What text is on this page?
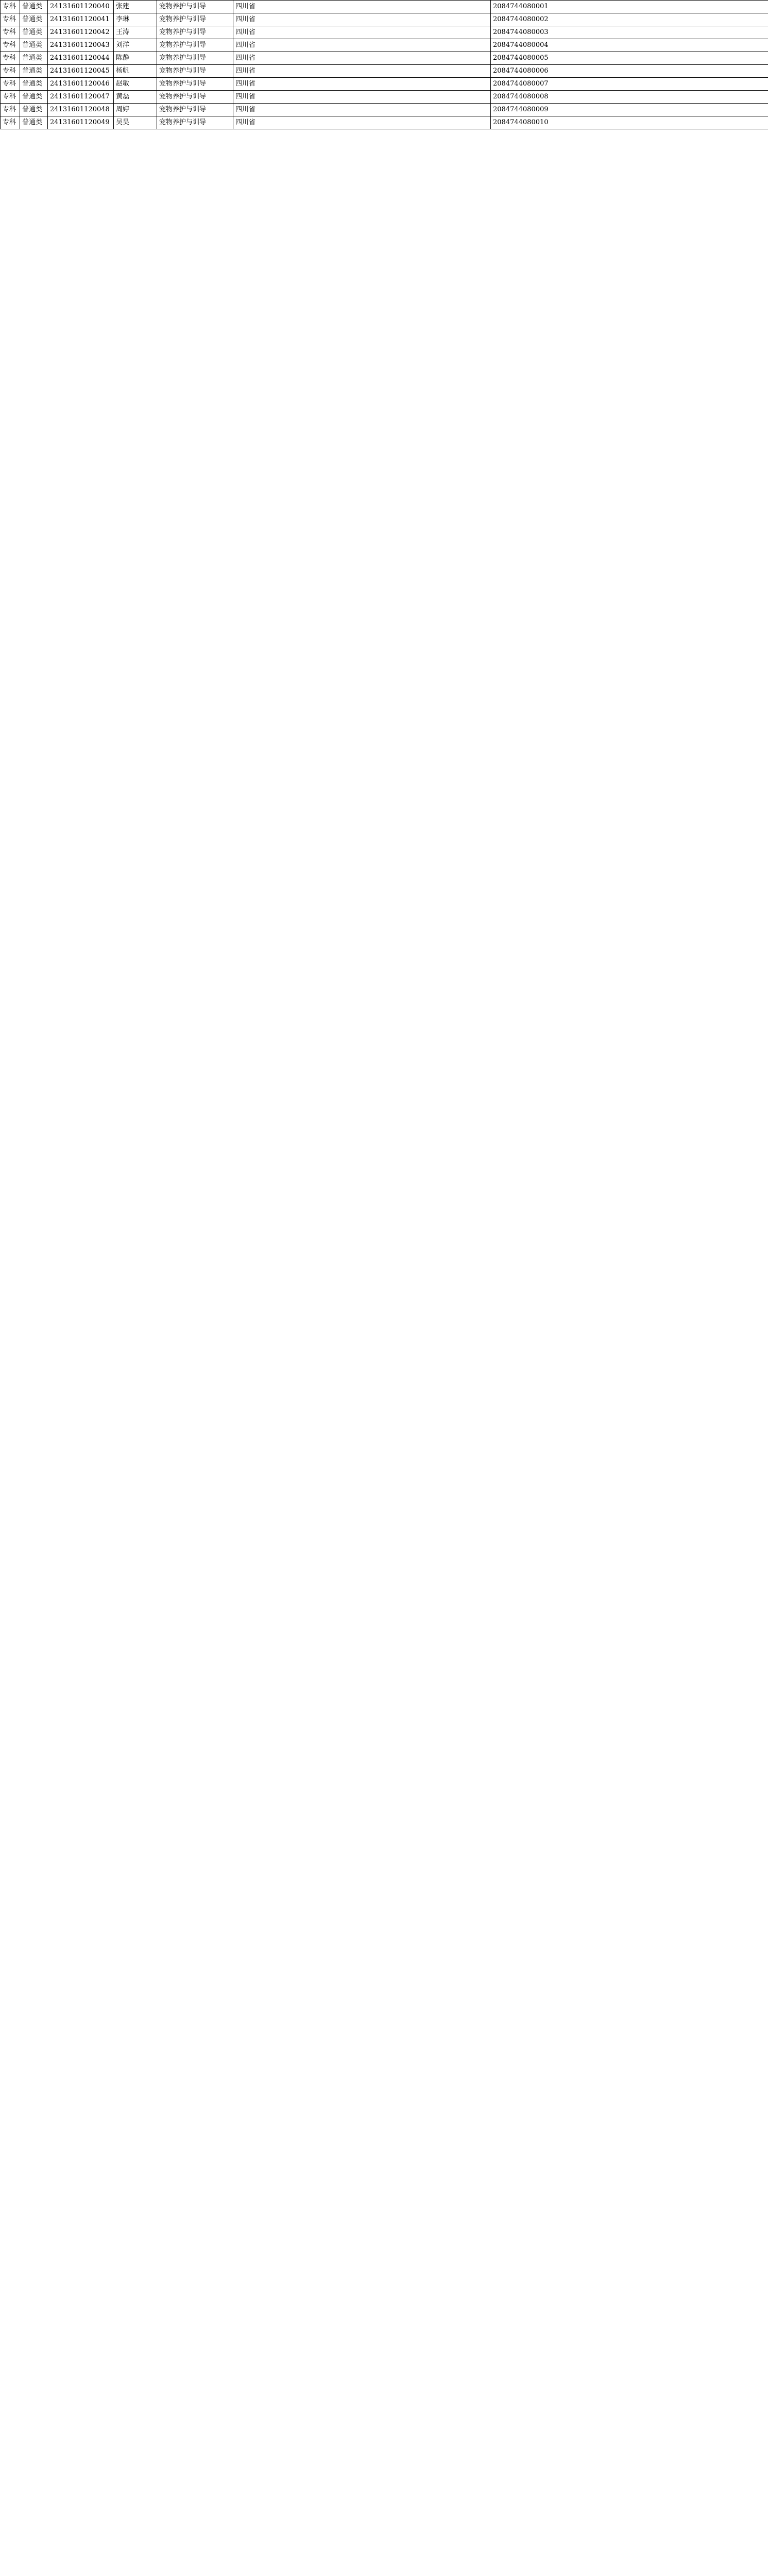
专科	普通类	24131601120040	张建	宠物养护与训导	四川省	2084744080001
专科	普通类	24131601120041	李琳	宠物养护与训导	四川省	2084744080002
专科	普通类	24131601120042	王涛	宠物养护与训导	四川省	2084744080003
专科	普通类	24131601120043	刘洋	宠物养护与训导	四川省	2084744080004
专科	普通类	24131601120044	陈静	宠物养护与训导	四川省	2084744080005
专科	普通类	24131601120045	杨帆	宠物养护与训导	四川省	2084744080006
专科	普通类	24131601120046	赵敏	宠物养护与训导	四川省	2084744080007
专科	普通类	24131601120047	黄磊	宠物养护与训导	四川省	2084744080008
专科	普通类	24131601120048	周婷	宠物养护与训导	四川省	2084744080009
专科	普通类	24131601120049	吴昊	宠物养护与训导	四川省	2084744080010
